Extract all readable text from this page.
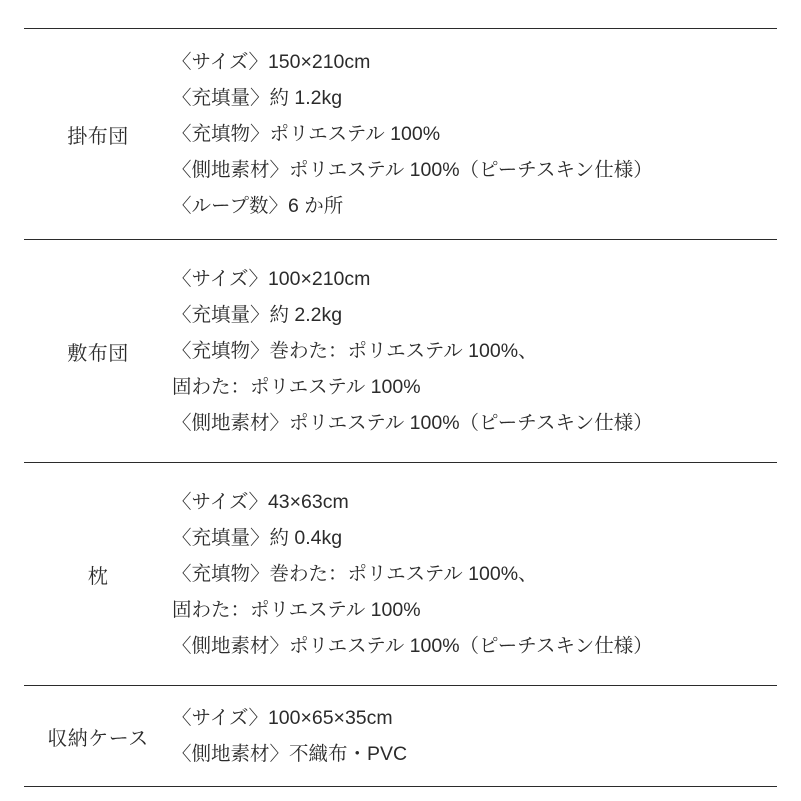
掛布団	〈サイズ〉150×210cm
〈充填量〉約 1.2kg
〈充填物〉ポリエステル 100%
〈側地素材〉ポリエステル 100%（ピーチスキン仕様）
〈ループ数〉6 か所

敷布団	〈サイズ〉100×210cm
〈充填量〉約 2.2kg
〈充填物〉巻わた：ポリエステル 100%、
固わた：ポリエステル 100%
〈側地素材〉ポリエステル 100%（ピーチスキン仕様）

枕	〈サイズ〉43×63cm
〈充填量〉約 0.4kg
〈充填物〉巻わた：ポリエステル 100%、
固わた：ポリエステル 100%
〈側地素材〉ポリエステル 100%（ピーチスキン仕様）

収納ケース	〈サイズ〉100×65×35cm
〈側地素材〉不織布・PVC
